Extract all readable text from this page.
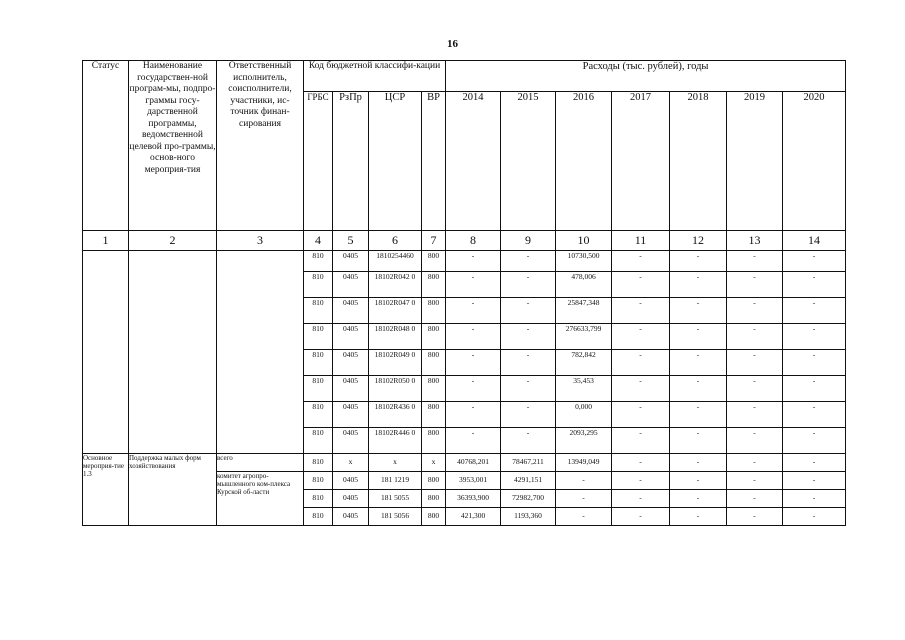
16
Статус	Наименование государствен-ной програм-мы, подпро-граммы госу-дарственной программы, ведомственной целевой про-граммы, основ-ного мероприя-тия	Ответственный исполнитель, соисполнители, участники, ис-точник финан-сирования	Код бюджетной классифи-кации				Расходы (тыс. рублей), годы						
			ГРБС	РзПр	ЦСР	ВР	2014	2015	2016	2017	2018	2019	2020
1	2	3	4	5	6	7	8	9	10	11	12	13	14
			810	0405	1810254460	800	-	-	10730,500	-	-	-	-
			810	0405	18102R042 0	800	-	-	478,006	-	-	-	-
			810	0405	18102R047 0	800	-	-	25847,348	-	-	-	-
			810	0405	18102R048 0	800	-	-	276633,799	-	-	-	-
			810	0405	18102R049 0	800	-	-	782,842	-	-	-	-
			810	0405	18102R050 0	800	-	-	35,453	-	-	-	-
			810	0405	18102R436 0	800	-	-	0,000	-	-	-	-
			810	0405	18102R446 0	800	-	-	2093,295	-	-	-	-
Основное мероприя-тие 1.3	Поддержка малых форм хозяйствования	всего	810	x	x	x	40768,201	78467,211	13949,049	-	-	-	-
		комитет агропро-мышленного ком-плекса Курской об-ласти	810	0405	181 1219	800	3953,001	4291,151	-	-	-	-	-
			810	0405	181 5055	800	36393,900	72982,700	-	-	-	-	-
			810	0405	181 5056	800	421,300	1193,360	-	-	-	-	-
